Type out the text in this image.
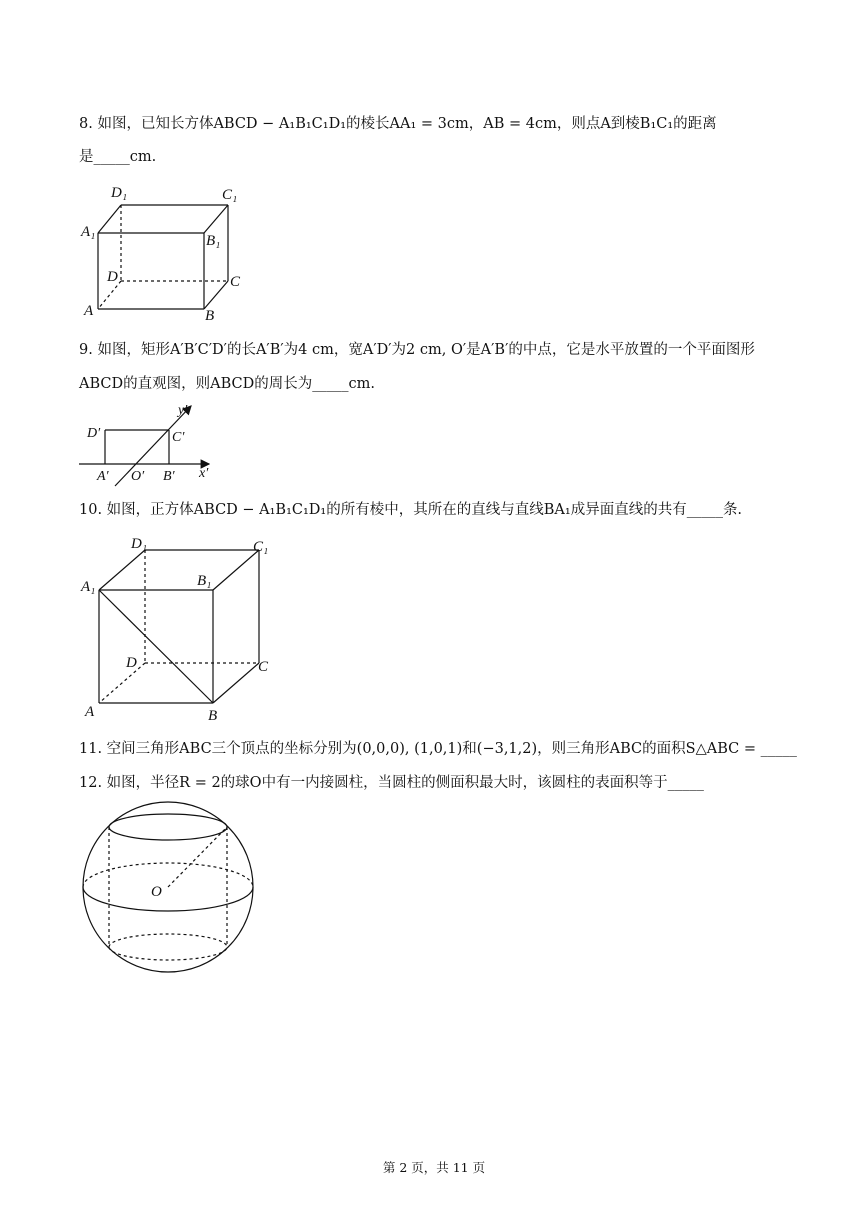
8. 如图，已知长方体ABCD − A₁B₁C₁D₁的棱长AA₁ = 3cm，AB = 4cm，则点A到棱B₁C₁的距离
是_____cm.
D₁	C₁
A₁
B₁
D	C
A	B
9. 如图，矩形A′B′C′D′的长A′B′为4 cm，宽A′D′为2 cm, O′是A′B′的中点，它是水平放置的一个平面图形
ABCD的直观图，则ABCD的周长为_____cm.
y′
D′	C′
A′ O′ B′ x′
10. 如图，正方体ABCD − A₁B₁C₁D₁的所有棱中，其所在的直线与直线BA₁成异面直线的共有_____条.
D₁	C₁
A₁	B₁
D	C
A	B
11. 空间三角形ABC三个顶点的坐标分别为(0,0,0), (1,0,1)和(−3,1,2)，则三角形ABC的面积S△ABC = _____
12. 如图，半径R = 2的球O中有一内接圆柱，当圆柱的侧面积最大时，该圆柱的表面积等于_____
O
第 2 页，共 11 页
